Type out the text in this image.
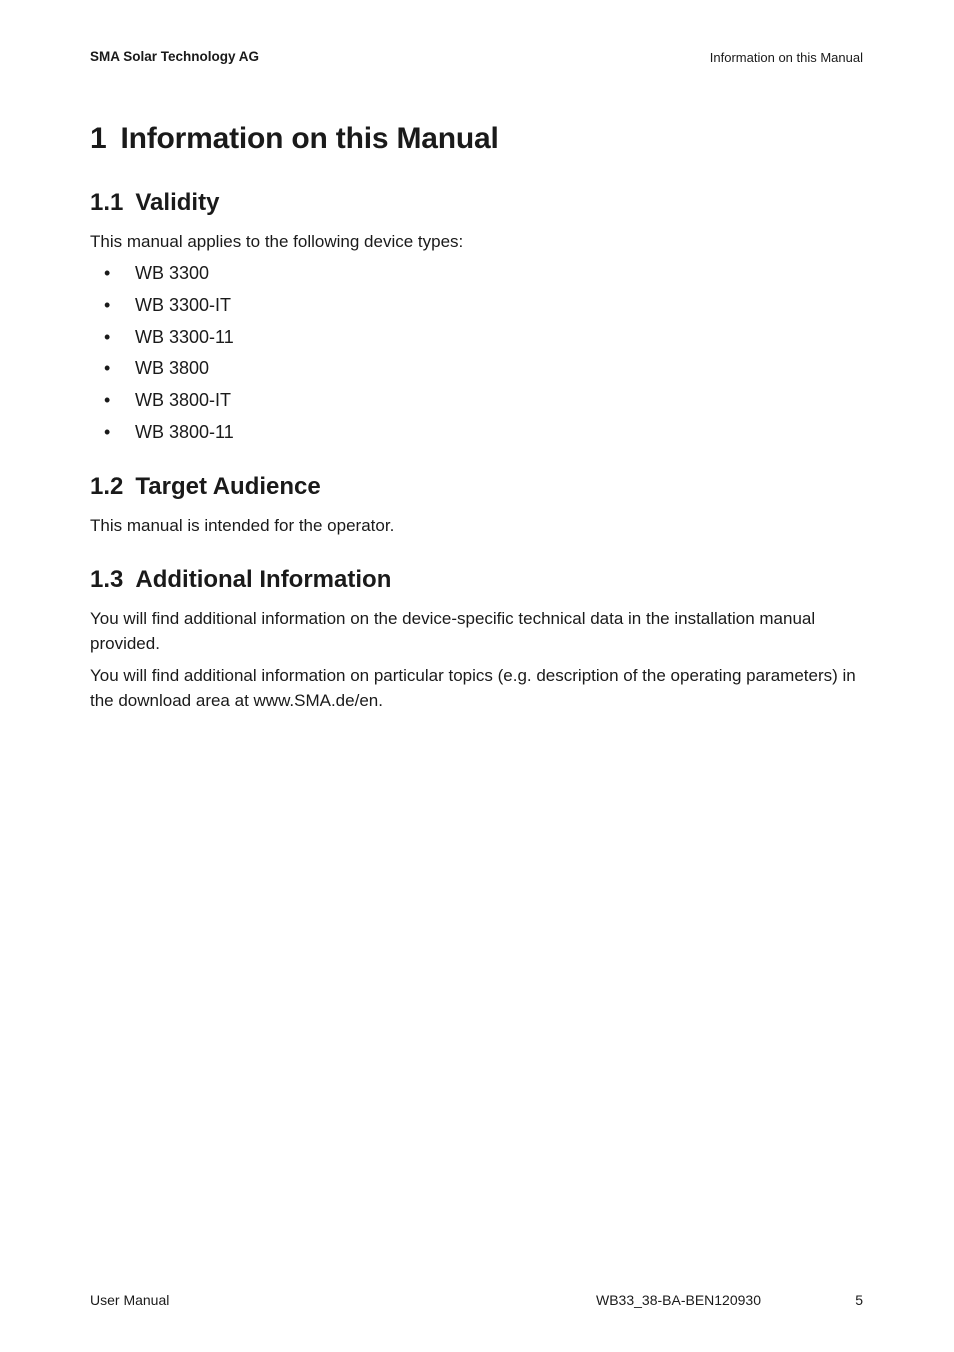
SMA Solar Technology AG	Information on this Manual
1 Information on this Manual
1.1 Validity

This manual applies to the following device types:

•	WB 3300
•	WB 3300-IT
•	WB 3300-11
•	WB 3800
•	WB 3800-IT
•	WB 3800-11
1.2 Target Audience

This manual is intended for the operator.

1.3 Additional Information

You will find additional information on the device-specific technical data in the installation manual provided.

You will find additional information on particular topics (e.g. description of the operating parameters) in the download area at www.SMA.de/en.

User Manual	WB33_38-BA-BEN120930	5
